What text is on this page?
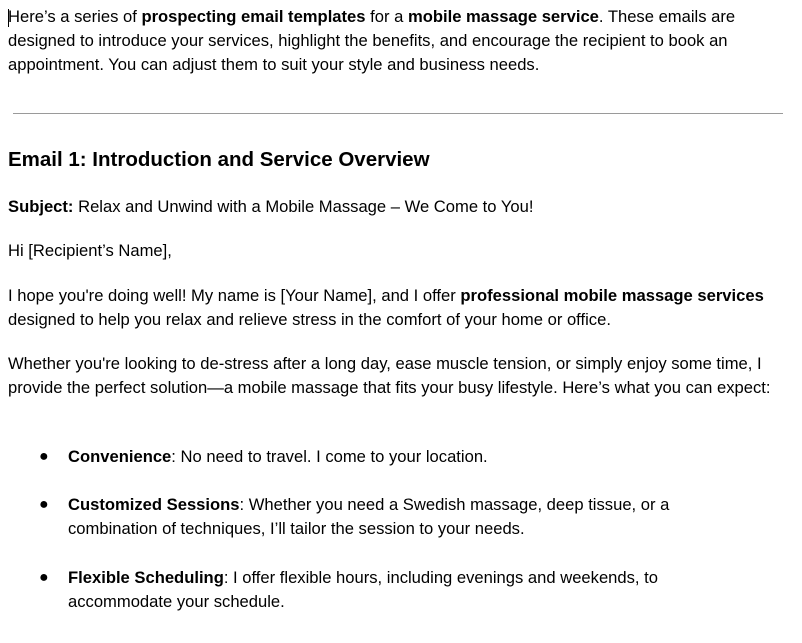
Here’s a series of prospecting email templates for a mobile massage service. These emails are designed to introduce your services, highlight the benefits, and encourage the recipient to book an appointment. You can adjust them to suit your style and business needs.

Email 1: Introduction and Service Overview

Subject: Relax and Unwind with a Mobile Massage – We Come to You!

Hi [Recipient’s Name],

I hope you're doing well! My name is [Your Name], and I offer professional mobile massage services designed to help you relax and relieve stress in the comfort of your home or office.

Whether you're looking to de-stress after a long day, ease muscle tension, or simply enjoy some time, I provide the perfect solution—a mobile massage that fits your busy lifestyle. Here’s what you can expect:

● Convenience: No need to travel. I come to your location.
● Customized Sessions: Whether you need a Swedish massage, deep tissue, or a combination of techniques, I’ll tailor the session to your needs.
● Flexible Scheduling: I offer flexible hours, including evenings and weekends, to accommodate your schedule.
